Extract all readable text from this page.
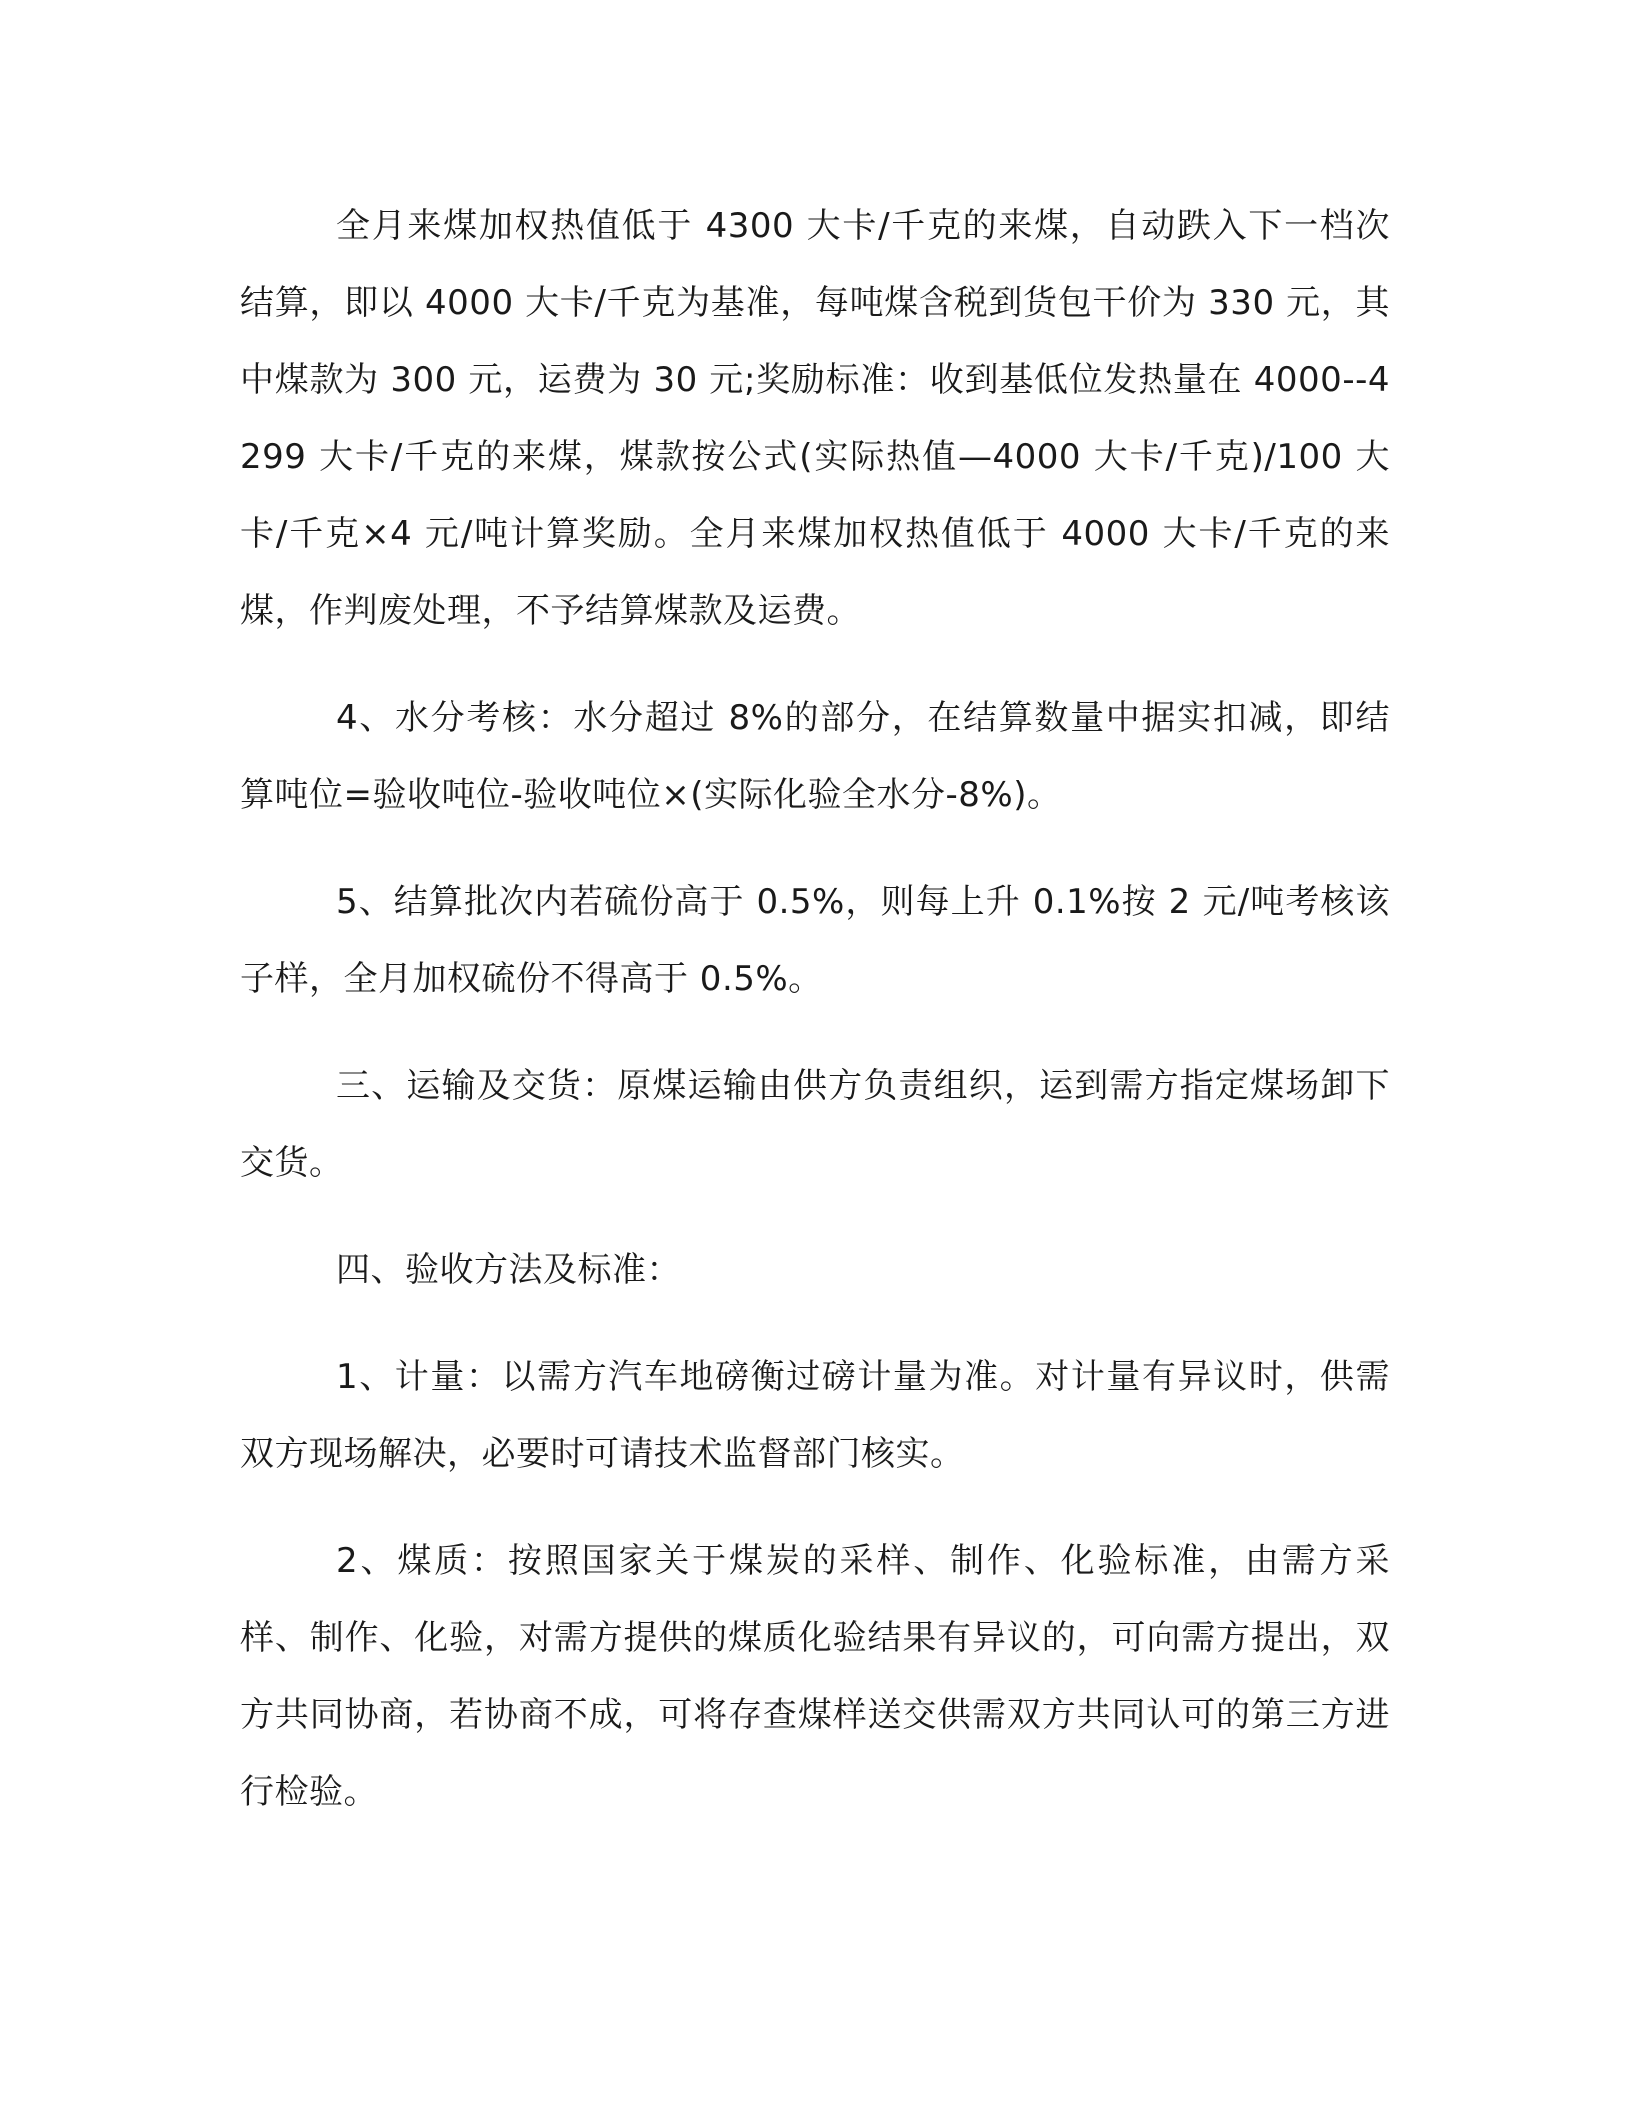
全月来煤加权热值低于 4300 大卡/千克的来煤，自动跌入下一档次结算，即以 4000 大卡/千克为基准，每吨煤含税到货包干价为 330 元，其中煤款为 300 元，运费为 30 元;奖励标准：收到基低位发热量在 4000--4299 大卡/千克的来煤，煤款按公式(实际热值—4000 大卡/千克)/100 大卡/千克×4 元/吨计算奖励。全月来煤加权热值低于 4000 大卡/千克的来煤，作判废处理，不予结算煤款及运费。

4、水分考核：水分超过 8%的部分，在结算数量中据实扣减，即结算吨位=验收吨位-验收吨位×(实际化验全水分-8%)。

5、结算批次内若硫份高于 0.5%，则每上升 0.1%按 2 元/吨考核该子样，全月加权硫份不得高于 0.5%。

三、运输及交货：原煤运输由供方负责组织，运到需方指定煤场卸下交货。

四、验收方法及标准：

1、计量：以需方汽车地磅衡过磅计量为准。对计量有异议时，供需双方现场解决，必要时可请技术监督部门核实。

2、煤质：按照国家关于煤炭的采样、制作、化验标准，由需方采样、制作、化验，对需方提供的煤质化验结果有异议的，可向需方提出，双方共同协商，若协商不成，可将存查煤样送交供需双方共同认可的第三方进行检验。
